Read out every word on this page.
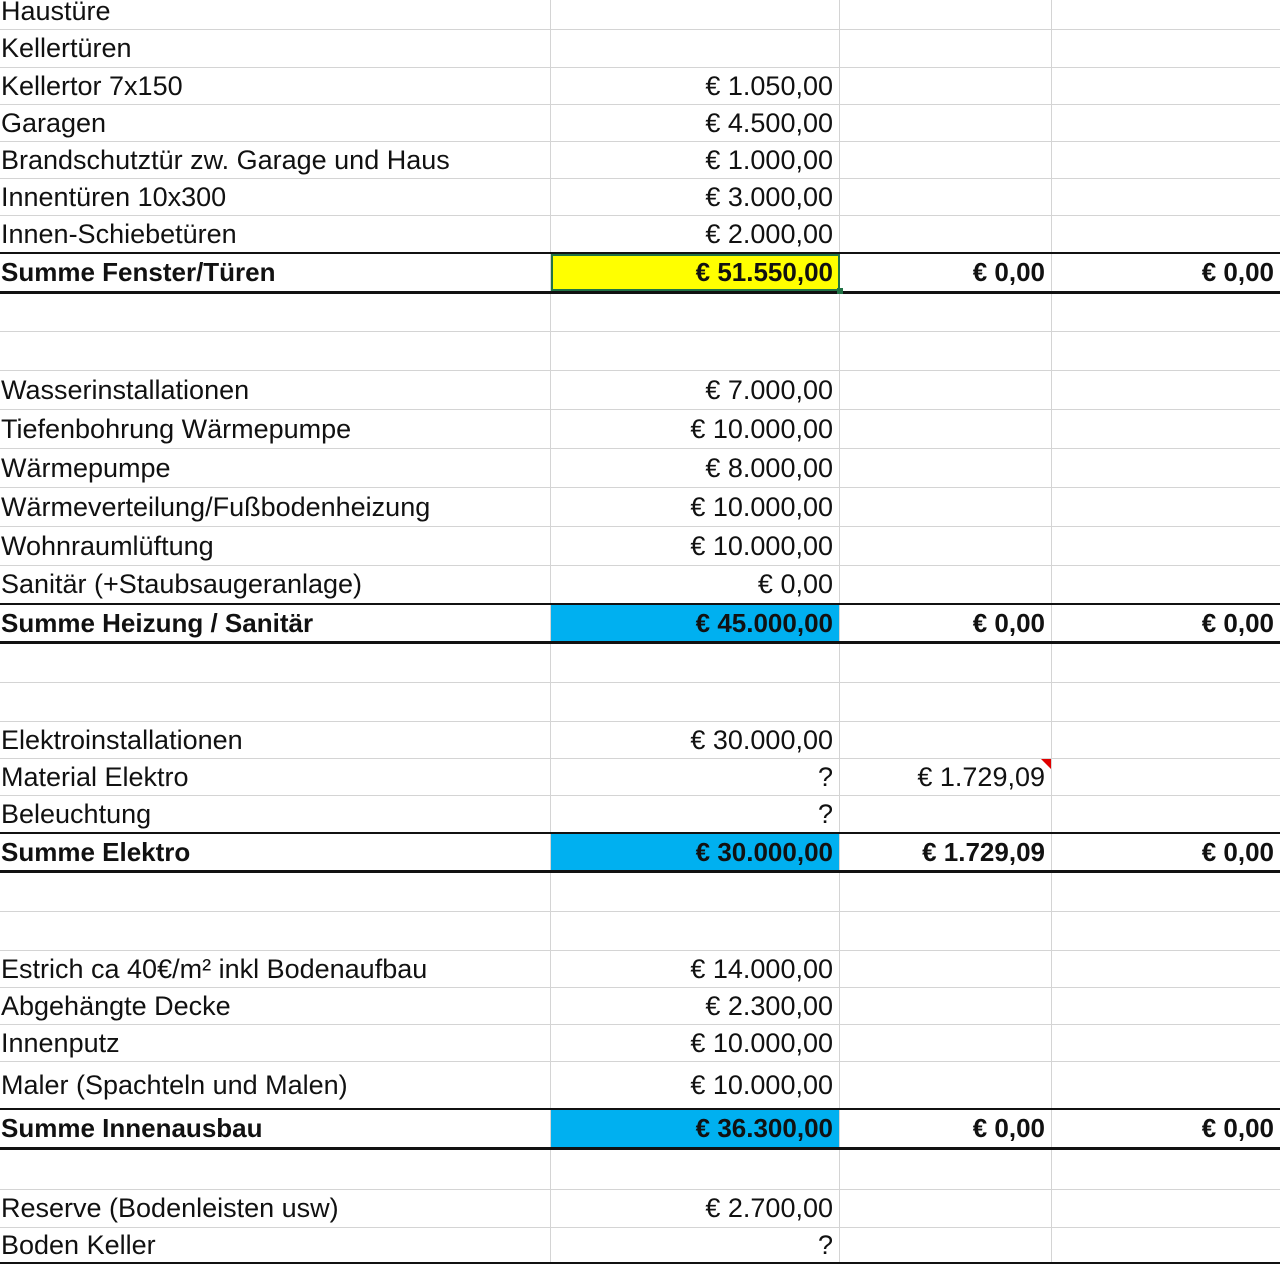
Haustüre
Kellertüren
Kellertor 7x150	€ 1.050,00
Garagen	€ 4.500,00
Brandschutztür zw. Garage und Haus	€ 1.000,00
Innentüren 10x300	€ 3.000,00
Innen-Schiebetüren	€ 2.000,00
Summe Fenster/Türen	€ 51.550,00	€ 0,00	€ 0,00
Wasserinstallationen	€ 7.000,00
Tiefenbohrung Wärmepumpe	€ 10.000,00
Wärmepumpe	€ 8.000,00
Wärmeverteilung/Fußbodenheizung	€ 10.000,00
Wohnraumlüftung	€ 10.000,00
Sanitär (+Staubsaugeranlage)	€ 0,00
Summe Heizung / Sanitär	€ 45.000,00	€ 0,00	€ 0,00
Elektroinstallationen	€ 30.000,00
Material Elektro	?	€ 1.729,09
Beleuchtung	?
Summe Elektro	€ 30.000,00	€ 1.729,09	€ 0,00
Estrich ca 40€/m² inkl Bodenaufbau	€ 14.000,00
Abgehängte Decke	€ 2.300,00
Innenputz	€ 10.000,00
Maler (Spachteln und Malen)	€ 10.000,00
Summe Innenausbau	€ 36.300,00	€ 0,00	€ 0,00
Reserve (Bodenleisten usw)	€ 2.700,00
Boden Keller	?
